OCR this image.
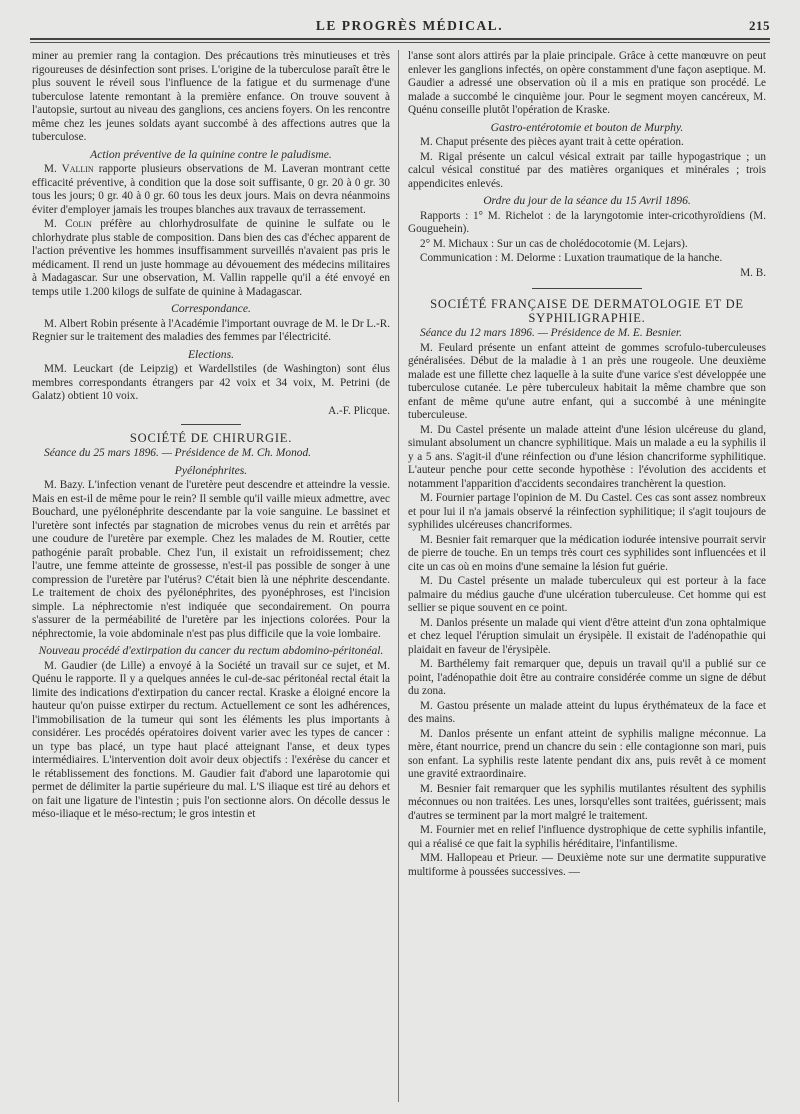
LE PROGRÈS MÉDICAL.	215

miner au premier rang la contagion. Des précautions très minutieuses et très rigoureuses de désinfection sont prises. L'origine de la tuberculose paraît être le plus souvent le réveil sous l'influence de la fatigue et du surmenage d'une tuberculose latente remontant à la première enfance. On trouve souvent à l'autopsie, surtout au niveau des ganglions, ces anciens foyers. On les rencontre même chez les jeunes soldats ayant succombé à des affections autres que la tuberculose.

Action préventive de la quinine contre le paludisme.

M. Vallin rapporte plusieurs observations de M. Laveran montrant cette efficacité préventive, à condition que la dose soit suffisante, 0 gr. 20 à 0 gr. 30 tous les jours; 0 gr. 40 à 0 gr. 60 tous les deux jours. Mais on devra néanmoins éviter d'employer jamais les troupes blanches aux travaux de terrassement.

M. Colin préfère au chlorhydrosulfate de quinine le sulfate ou le chlorhydrate plus stable de composition. Dans bien des cas d'échec apparent de l'action préventive les hommes insuffisamment surveillés n'avaient pas pris le médicament. Il rend un juste hommage au dévouement des médecins militaires à Madagascar. Sur une observation, M. Vallin rappelle qu'il a été envoyé en temps utile 1.200 kilogs de sulfate de quinine à Madagascar.

Correspondance.

M. Albert Robin présente à l'Académie l'important ouvrage de M. le Dr L.-R. Regnier sur le traitement des maladies des femmes par l'électricité.

Elections.

MM. Leuckart (de Leipzig) et Wardellstiles (de Washington) sont élus membres correspondants étrangers par 42 voix et 34 voix, M. Petrini (de Galatz) obtient 10 voix.

A.-F. Plicque.

SOCIÉTÉ DE CHIRURGIE.

Séance du 25 mars 1896. — Présidence de M. Ch. Monod.

Pyélonéphrites.

M. Bazy. L'infection venant de l'uretère peut descendre et atteindre la vessie. Mais en est-il de même pour le rein? Il semble qu'il vaille mieux admettre, avec Bouchard, une pyélonéphrite descendante par la voie sanguine. Le bassinet et l'uretère sont infectés par stagnation de microbes venus du rein et arrêtés par une coudure de l'uretère par exemple. Chez les malades de M. Routier, cette pathogénie paraît probable. Chez l'un, il existait un refroidissement; chez l'autre, une femme atteinte de grossesse, n'est-il pas possible de songer à une compression de l'uretère par l'utérus? C'était bien là une néphrite descendante. Le traitement de choix des pyélonéphrites, des pyonéphroses, est l'incision simple. La néphrectomie n'est indiquée que secondairement. On pourra s'assurer de la perméabilité de l'uretère par les injections colorées. Pour la néphrectomie, la voie abdominale n'est pas plus difficile que la voie lombaire.

Nouveau procédé d'extirpation du cancer du rectum abdomino-péritonéal.

M. Gaudier (de Lille) a envoyé à la Société un travail sur ce sujet, et M. Quénu le rapporte. Il y a quelques années le cul-de-sac péritonéal rectal était la limite des indications d'extirpation du cancer rectal. Kraske a éloigné encore la hauteur qu'on puisse extirper du rectum. Actuellement ce sont les adhérences, l'immobilisation de la tumeur qui sont les éléments les plus importants à considérer. Les procédés opératoires doivent varier avec les types de cancer : un type bas placé, un type haut placé atteignant l'anse, et deux types intermédiaires. L'intervention doit avoir deux objectifs : l'exérèse du cancer et le rétablissement des fonctions. M. Gaudier fait d'abord une laparotomie qui permet de délimiter la partie supérieure du mal. L'S iliaque est tiré au dehors et on fait une ligature de l'intestin ; puis l'on sectionne alors. On décolle dessus le méso-iliaque et le méso-rectum; le gros intestin et

l'anse sont alors attirés par la plaie principale. Grâce à cette manœuvre on peut enlever les ganglions infectés, on opère constamment d'une façon aseptique. M. Gaudier a adressé une observation où il a mis en pratique son procédé. Le malade a succombé le cinquième jour. Pour le segment moyen cancéreux, M. Quénu conseille plutôt l'opération de Kraske.

Gastro-entérotomie et bouton de Murphy.

M. Chaput présente des pièces ayant trait à cette opération.

M. Rigal présente un calcul vésical extrait par taille hypogastrique ; un calcul vésical constitué par des matières organiques et minérales ; trois appendicites enlevés.

Ordre du jour de la séance du 15 Avril 1896.

Rapports : 1° M. Richelot : de la laryngotomie inter-cricothyroïdiens (M. Gouguehein).

2° M. Michaux : Sur un cas de cholédocotomie (M. Lejars).

Communication : M. Delorme : Luxation traumatique de la hanche.

M. B.

SOCIÉTÉ FRANÇAISE DE DERMATOLOGIE ET DE SYPHILIGRAPHIE.

Séance du 12 mars 1896. — Présidence de M. E. Besnier.

M. Feulard présente un enfant atteint de gommes scrofulo-tuberculeuses généralisées. Début de la maladie à 1 an près une rougeole. Une deuxième malade est une fillette chez laquelle à la suite d'une varice s'est développée une tuberculose cutanée. Le père tuberculeux habitait la même chambre que son enfant de même qu'une autre enfant, qui a succombé à une méningite tuberculeuse.

M. Du Castel présente un malade atteint d'une lésion ulcéreuse du gland, simulant absolument un chancre syphilitique. Mais un malade a eu la syphilis il y a 5 ans. S'agit-il d'une réinfection ou d'une lésion chancriforme syphilitique. L'auteur penche pour cette seconde hypothèse : l'évolution des accidents et notamment l'apparition d'accidents secondaires tranchèrent la question.

M. Fournier partage l'opinion de M. Du Castel. Ces cas sont assez nombreux et pour lui il n'a jamais observé la réinfection syphilitique; il s'agit toujours de syphilides ulcéreuses chancriformes.

M. Besnier fait remarquer que la médication iodurée intensive pourrait servir de pierre de touche. En un temps très court ces syphilides sont influencées et il cite un cas où en moins d'une semaine la lésion fut guérie.

M. Du Castel présente un malade tuberculeux qui est porteur à la face palmaire du médius gauche d'une ulcération tuberculeuse. Cet homme qui est sellier se pique souvent en ce point.

M. Danlos présente un malade qui vient d'être atteint d'un zona ophtalmique et chez lequel l'éruption simulait un érysipèle. Il existait de l'adénopathie qui plaidait en faveur de l'érysipèle.

M. Barthélemy fait remarquer que, depuis un travail qu'il a publié sur ce point, l'adénopathie doit être au contraire considérée comme un signe de début du zona.

M. Gastou présente un malade atteint du lupus érythémateux de la face et des mains.

M. Danlos présente un enfant atteint de syphilis maligne méconnue. La mère, étant nourrice, prend un chancre du sein : elle contagionne son mari, puis son enfant. La syphilis reste latente pendant dix ans, puis revêt à ce moment une gravité extraordinaire.

M. Besnier fait remarquer que les syphilis mutilantes résultent des syphilis méconnues ou non traitées. Les unes, lorsqu'elles sont traitées, guérissent; mais d'autres se terminent par la mort malgré le traitement.

M. Fournier met en relief l'influence dystrophique de cette syphilis infantile, qui a réalisé ce que fait la syphilis héréditaire, l'infantilisme.

MM. Hallopeau et Prieur. — Deuxième note sur une dermatite suppurative multiforme à poussées successives. —
